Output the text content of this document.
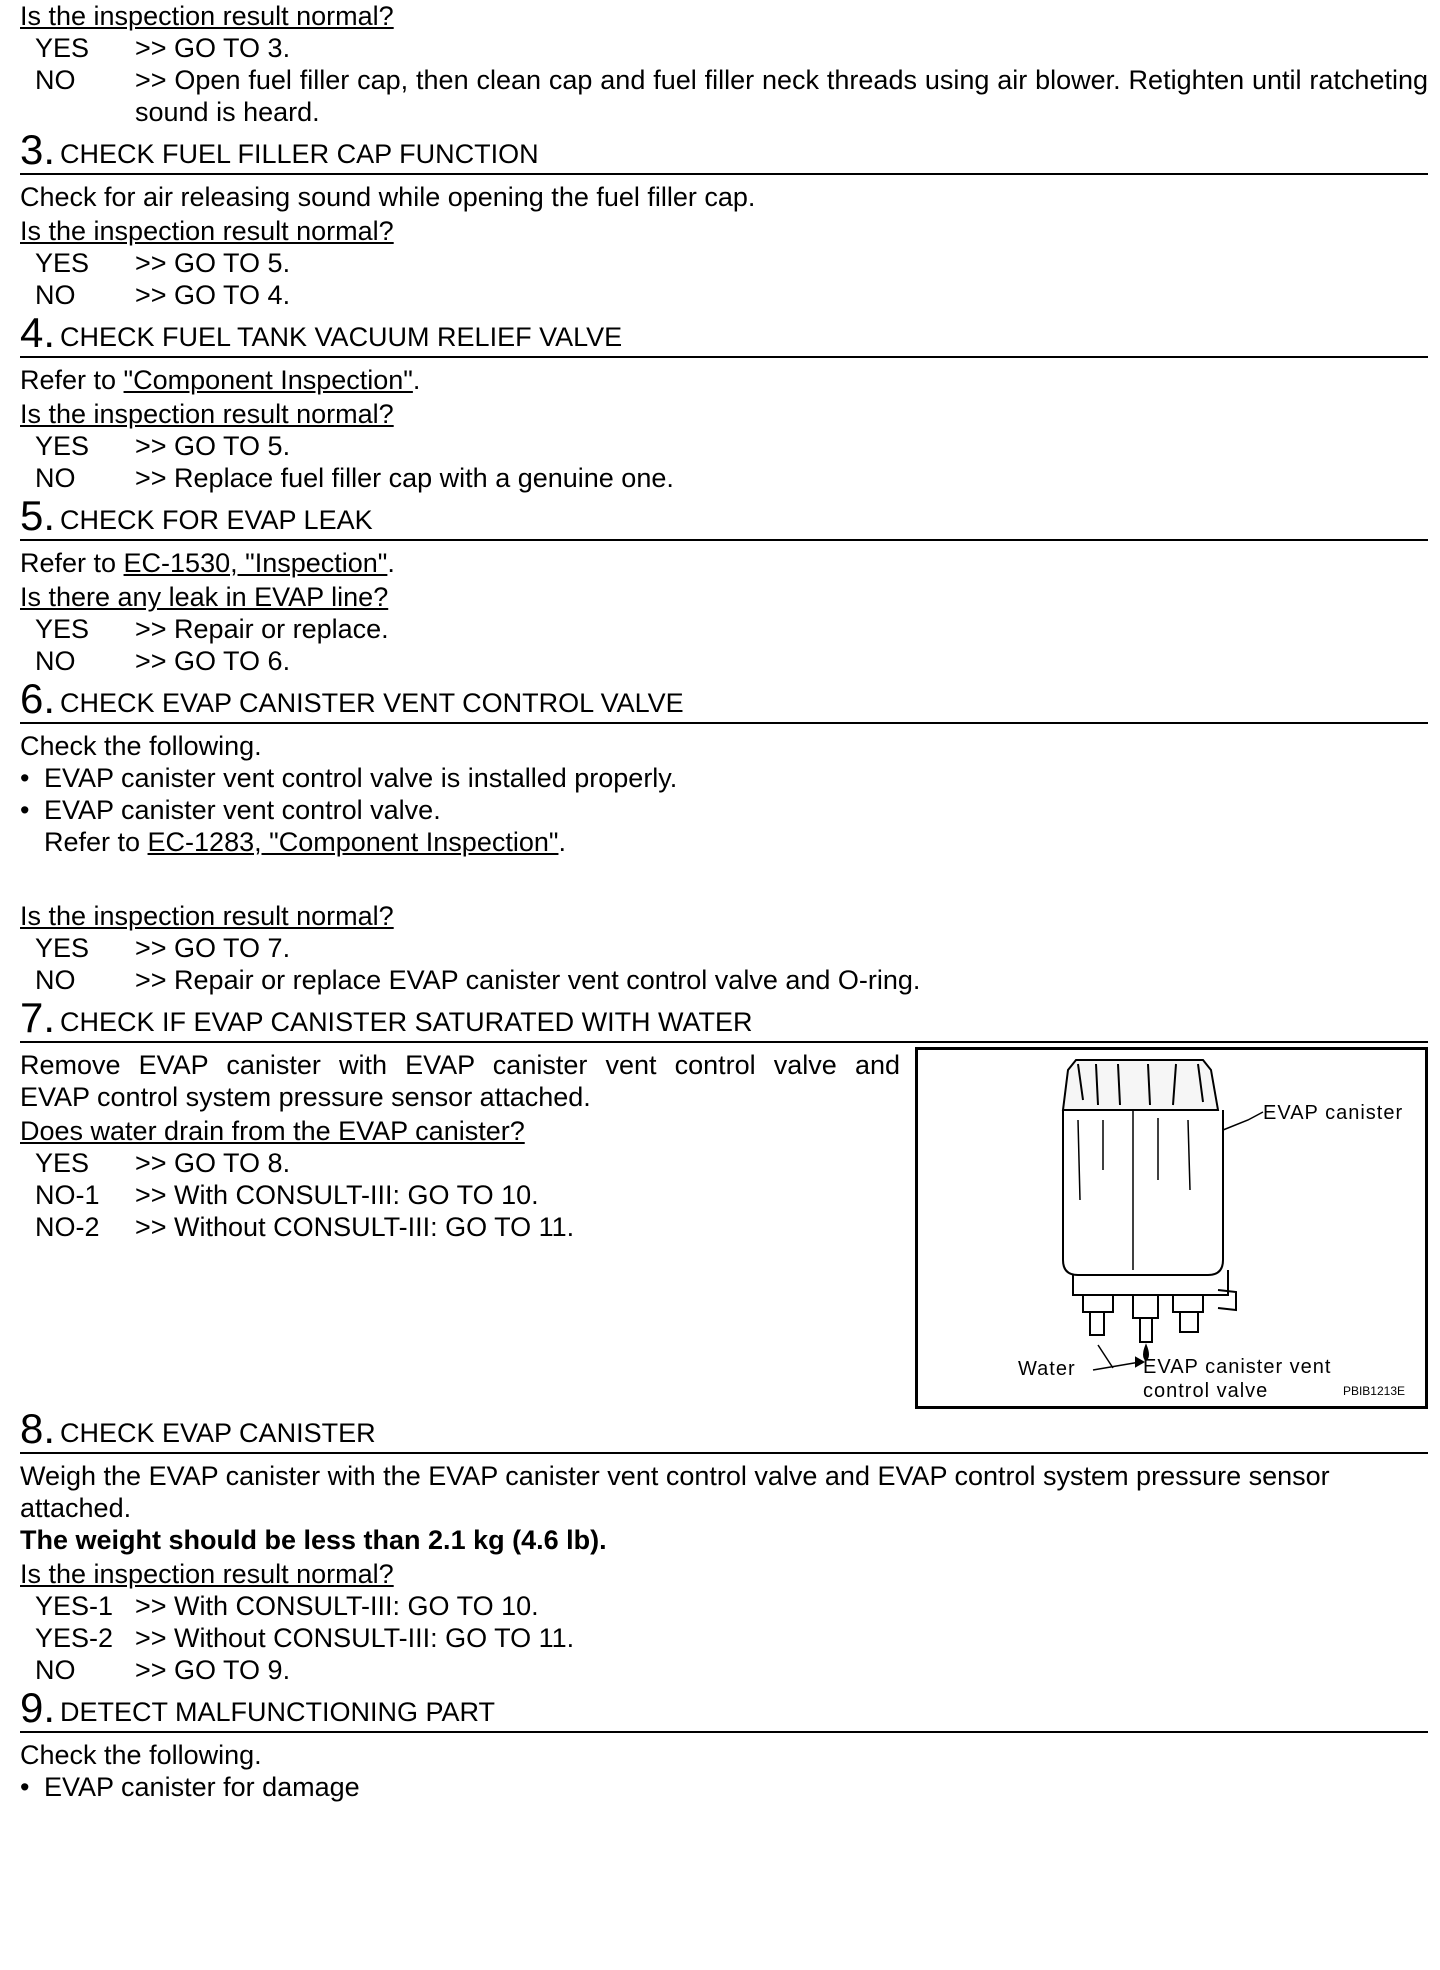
Is the inspection result normal?
YES	>> GO TO 3.
NO	>> Open fuel filler cap, then clean cap and fuel filler neck threads using air blower. Retighten until ratcheting sound is heard.
3. CHECK FUEL FILLER CAP FUNCTION
Check for air releasing sound while opening the fuel filler cap.
Is the inspection result normal?
YES	>> GO TO 5.
NO	>> GO TO 4.
4. CHECK FUEL TANK VACUUM RELIEF VALVE
Refer to "Component Inspection".
Is the inspection result normal?
YES	>> GO TO 5.
NO	>> Replace fuel filler cap with a genuine one.
5. CHECK FOR EVAP LEAK
Refer to EC-1530, "Inspection".
Is there any leak in EVAP line?
YES	>> Repair or replace.
NO	>> GO TO 6.
6. CHECK EVAP CANISTER VENT CONTROL VALVE
Check the following.
• EVAP canister vent control valve is installed properly.
• EVAP canister vent control valve.
Refer to EC-1283, "Component Inspection".
Is the inspection result normal?
YES	>> GO TO 7.
NO	>> Repair or replace EVAP canister vent control valve and O-ring.
7. CHECK IF EVAP CANISTER SATURATED WITH WATER
Remove EVAP canister with EVAP canister vent control valve and
EVAP control system pressure sensor attached.
Does water drain from the EVAP canister?
YES	>> GO TO 8.
NO-1	>> With CONSULT-III: GO TO 10.
NO-2	>> Without CONSULT-III: GO TO 11.
EVAP canister
Water	EVAP canister vent
control valve	PBIB1213E
8. CHECK EVAP CANISTER
Weigh the EVAP canister with the EVAP canister vent control valve and EVAP control system pressure sensor attached.
The weight should be less than 2.1 kg (4.6 lb).
Is the inspection result normal?
YES-1 >> With CONSULT-III: GO TO 10.
YES-2 >> Without CONSULT-III: GO TO 11.
NO	>> GO TO 9.
9. DETECT MALFUNCTIONING PART
Check the following.
• EVAP canister for damage
